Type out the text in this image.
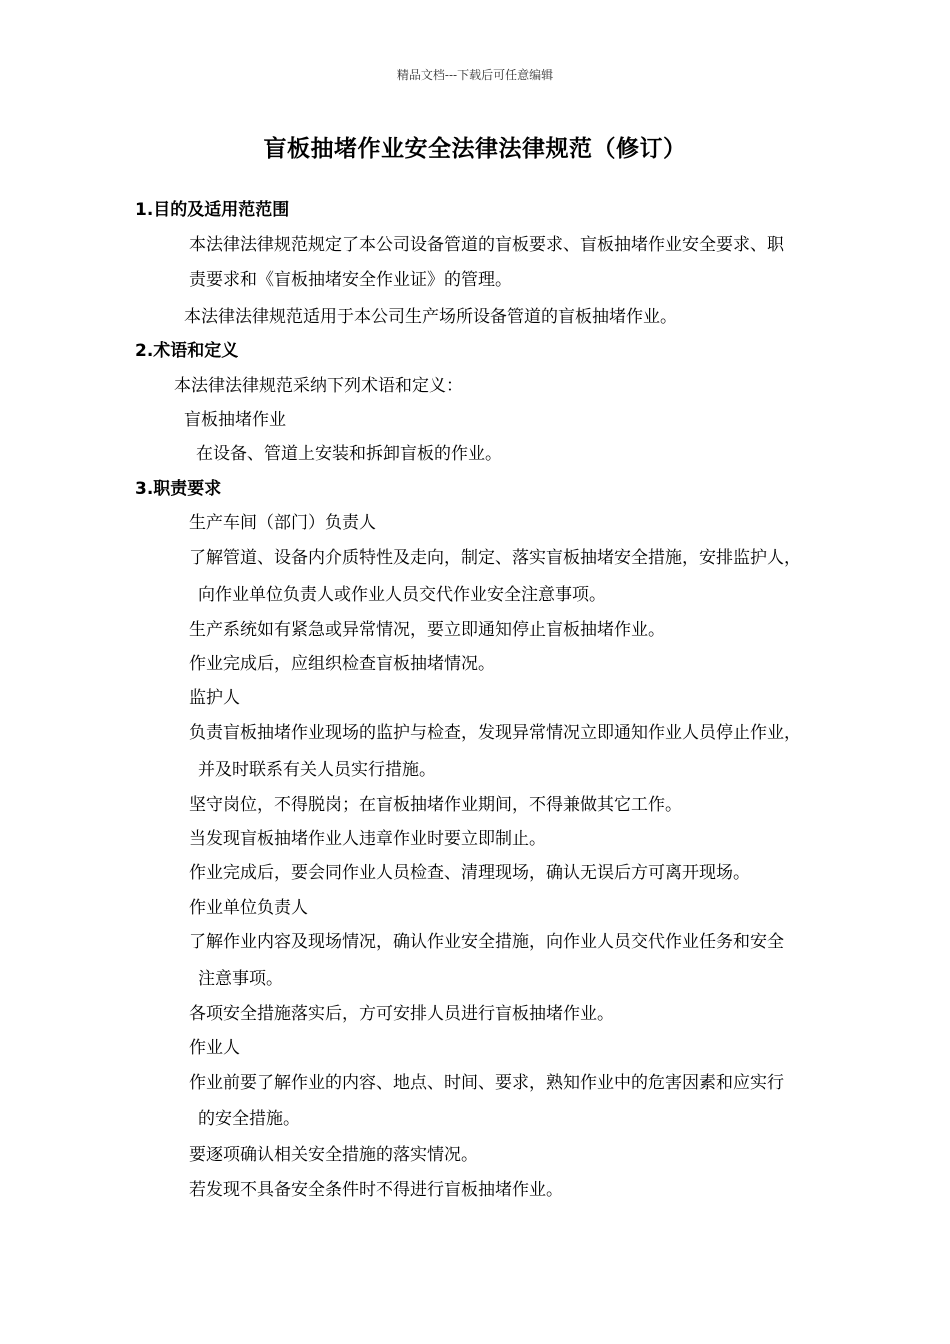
精品文档---下载后可任意编辑
盲板抽堵作业安全法律法律规范（修订）
1.目的及适用范范围
本法律法律规范规定了本公司设备管道的盲板要求、盲板抽堵作业安全要求、职
责要求和《盲板抽堵安全作业证》的管理。
本法律法律规范适用于本公司生产场所设备管道的盲板抽堵作业。
2.术语和定义
本法律法律规范采纳下列术语和定义：
盲板抽堵作业
在设备、管道上安装和拆卸盲板的作业。
3.职责要求
生产车间（部门）负责人
了解管道、设备内介质特性及走向，制定、落实盲板抽堵安全措施，安排监护人，
向作业单位负责人或作业人员交代作业安全注意事项。
生产系统如有紧急或异常情况，要立即通知停止盲板抽堵作业。
作业完成后，应组织检查盲板抽堵情况。
监护人
负责盲板抽堵作业现场的监护与检查，发现异常情况立即通知作业人员停止作业，
并及时联系有关人员实行措施。
坚守岗位，不得脱岗；在盲板抽堵作业期间，不得兼做其它工作。
当发现盲板抽堵作业人违章作业时要立即制止。
作业完成后，要会同作业人员检查、清理现场，确认无误后方可离开现场。
作业单位负责人
了解作业内容及现场情况，确认作业安全措施，向作业人员交代作业任务和安全
注意事项。
各项安全措施落实后，方可安排人员进行盲板抽堵作业。
作业人
作业前要了解作业的内容、地点、时间、要求，熟知作业中的危害因素和应实行
的安全措施。
要逐项确认相关安全措施的落实情况。
若发现不具备安全条件时不得进行盲板抽堵作业。
